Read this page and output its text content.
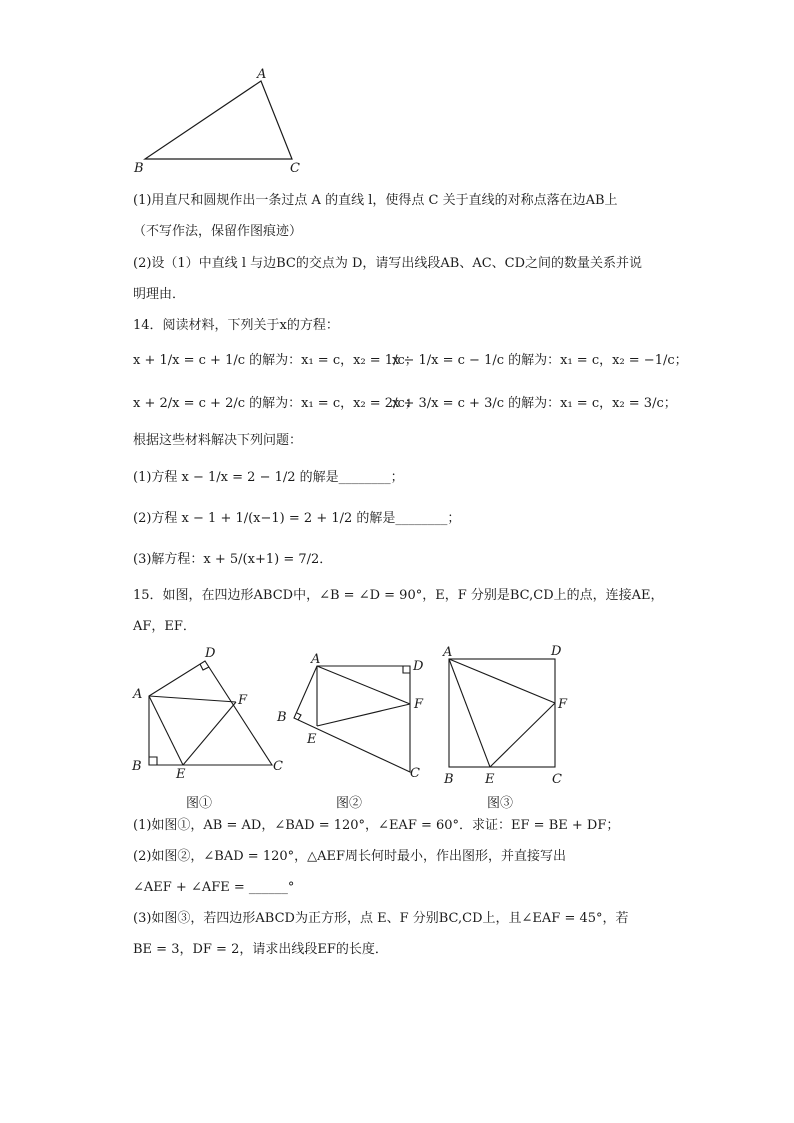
A
B	C
(1)用直尺和圆规作出一条过点 A 的直线 l，使得点 C 关于直线的对称点落在边AB上
（不写作法，保留作图痕迹）
(2)设（1）中直线 l 与边BC的交点为 D，请写出线段AB、AC、CD之间的数量关系并说
明理由．
14．阅读材料，下列关于x的方程：
x + 1/x = c + 1/c 的解为：x₁ = c，x₂ = 1/c；
x − 1/x = c − 1/c 的解为：x₁ = c，x₂ = −1/c；
x + 2/x = c + 2/c 的解为：x₁ = c，x₂ = 2/c；
x + 3/x = c + 3/c 的解为：x₁ = c，x₂ = 3/c；
根据这些材料解决下列问题：
(1)方程 x − 1/x = 2 − 1/2 的解是________；
(2)方程 x − 1 + 1/(x−1) = 2 + 1/2 的解是________；
(3)解方程：x + 5/(x+1) = 7/2．
15．如图，在四边形ABCD中，∠B = ∠D = 90°，E，F 分别是BC,CD上的点，连接AE，
AF，EF．
A
B	C
D
E
F
图①
A
B
C
D
E
F
图②
A
B	C
D
E
F
图③
(1)如图①，AB = AD，∠BAD = 120°，∠EAF = 60°．求证：EF = BE + DF；
(2)如图②，∠BAD = 120°，△AEF周长何时最小，作出图形，并直接写出
∠AEF + ∠AFE = ______°
(3)如图③，若四边形ABCD为正方形，点 E、F 分别BC,CD上，且∠EAF = 45°，若
BE = 3，DF = 2，请求出线段EF的长度．
